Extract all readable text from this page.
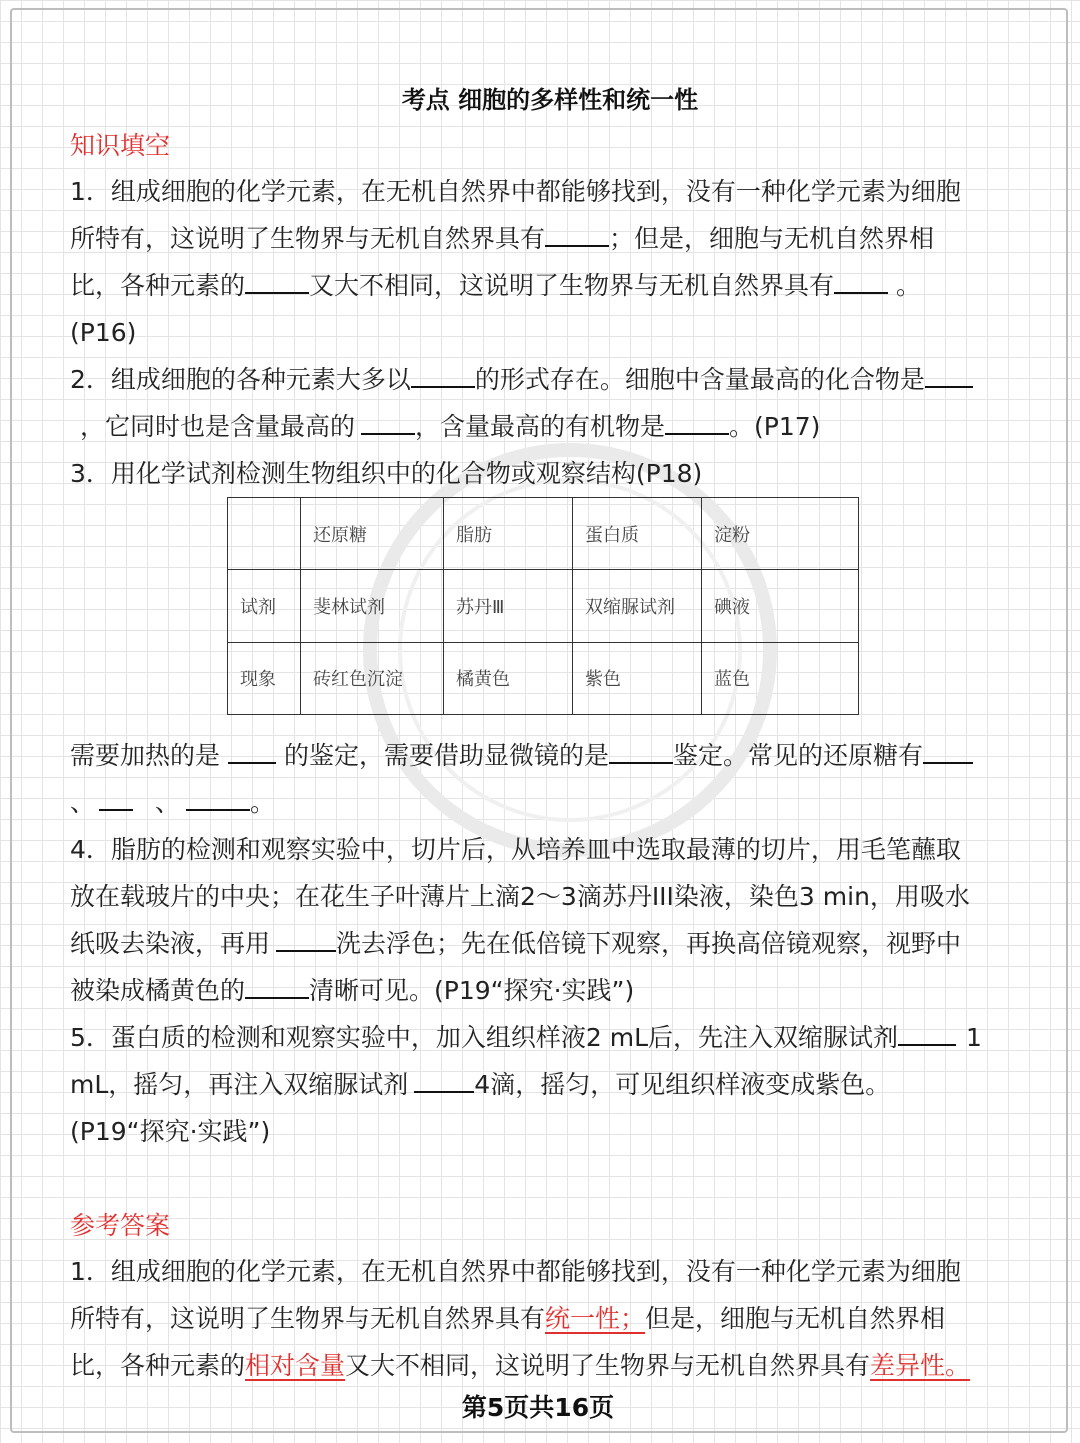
考点 细胞的多样性和统一性
知识填空
1．组成细胞的化学元素，在无机自然界中都能够找到，没有一种化学元素为细胞
所特有，这说明了生物界与无机自然界具有	；但是，细胞与无机自然界相
比，各种元素的	又大不相同，这说明了生物界与无机自然界具有 。
(P16)
2．组成细胞的各种元素大多以	的形式存在。细胞中含量最高的化合物是
，它同时也是含量最高的 ，含量最高的有机物是	。(P17)
3．用化学试剂检测生物组织中的化合物或观察结构(P18)
	还原糖	脂肪	蛋白质	淀粉
试剂	斐林试剂	苏丹Ⅲ	双缩脲试剂	碘液
现象	砖红色沉淀	橘黄色	紫色	蓝色
需要加热的是	的鉴定，需要借助显微镜的是	鉴定。常见的还原糖有
、 、	。
4．脂肪的检测和观察实验中，切片后，从培养皿中选取最薄的切片，用毛笔蘸取
放在载玻片的中央；在花生子叶薄片上滴2～3滴苏丹III染液，染色3 min，用吸水
纸吸去染液，再用	洗去浮色；先在低倍镜下观察，再换高倍镜观察，视野中
被染成橘黄色的	清晰可见。(P19“探究·实践”)
5．蛋白质的检测和观察实验中，加入组织样液2 mL后，先注入双缩脲试剂	1
mL，摇匀，再注入双缩脲试剂	4滴，摇匀，可见组织样液变成紫色。
(P19“探究·实践”)
参考答案
1．组成细胞的化学元素，在无机自然界中都能够找到，没有一种化学元素为细胞
所特有，这说明了生物界与无机自然界具有统一性；但是，细胞与无机自然界相
比，各种元素的相对含量又大不相同，这说明了生物界与无机自然界具有差异性。
第5页共16页
